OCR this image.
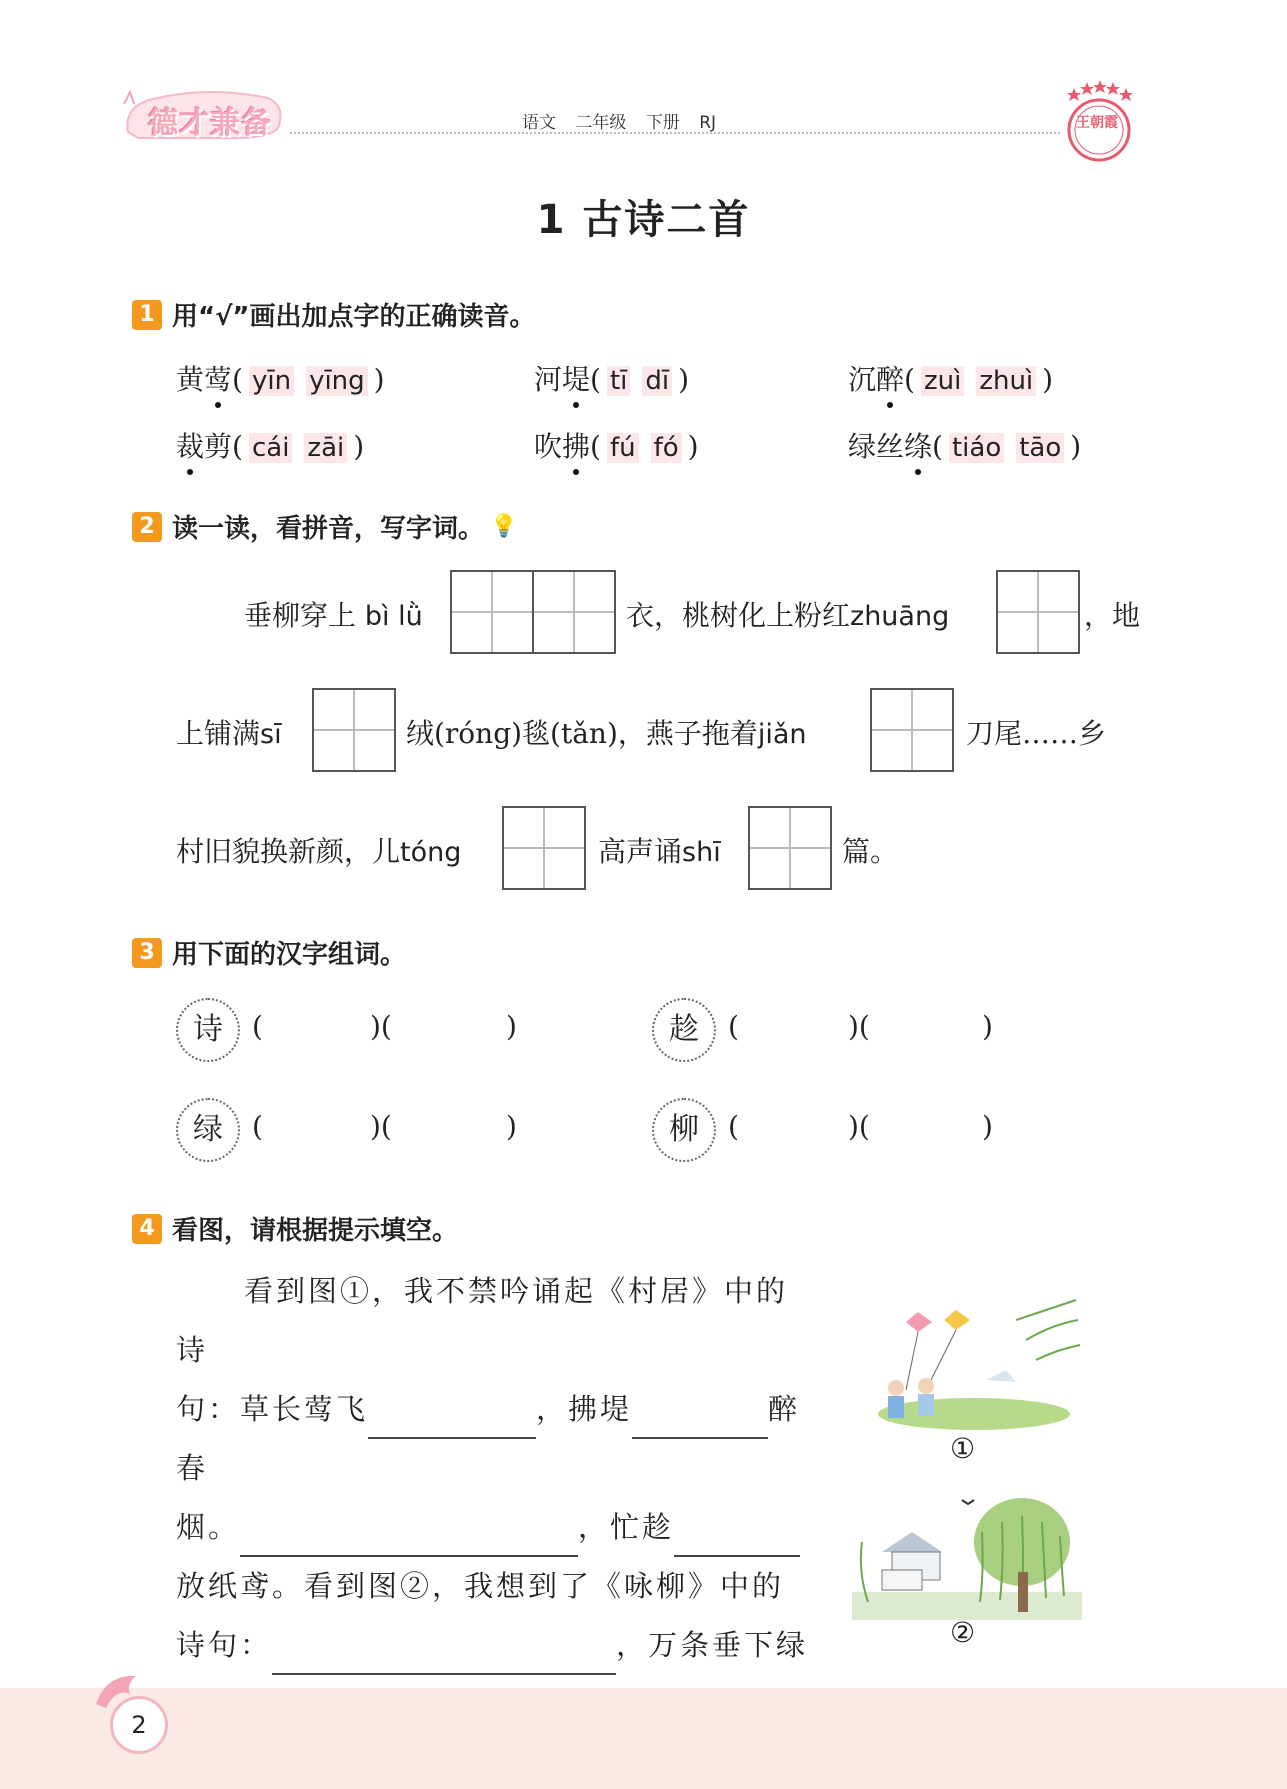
德才兼备	语文 二年级 下册 RJ	王朝霞
1 古诗二首
1 用“√”画出加点字的正确读音。
黄莺( yīn yīng )	河堤( tī dī )	沉醉( zuì zhuì )
裁剪( cái zāi )	吹拂( fú fó )	绿丝绦( tiáo tāo )
2 读一读，看拼音，写字词。 💡
垂柳穿上 bì lǜ	衣，桃树化上粉红zhuāng	，地
上铺满sī	绒(róng)毯(tǎn)，燕子拖着jiǎn	刀尾……乡
村旧貌换新颜，儿tóng	高声诵shī	篇。
3 用下面的汉字组词。
诗	(	)(	)	趁	(	)(	)
绿	(	)(	)	柳	(	)(	)
4 看图，请根据提示填空。
看到图①，我不禁吟诵起《村居》中的诗
句：草长莺飞	，拂堤	醉春
烟。	，忙趁
放纸鸢。看到图②，我想到了《咏柳》中的
诗句：	，万条垂下绿
①
②
2
